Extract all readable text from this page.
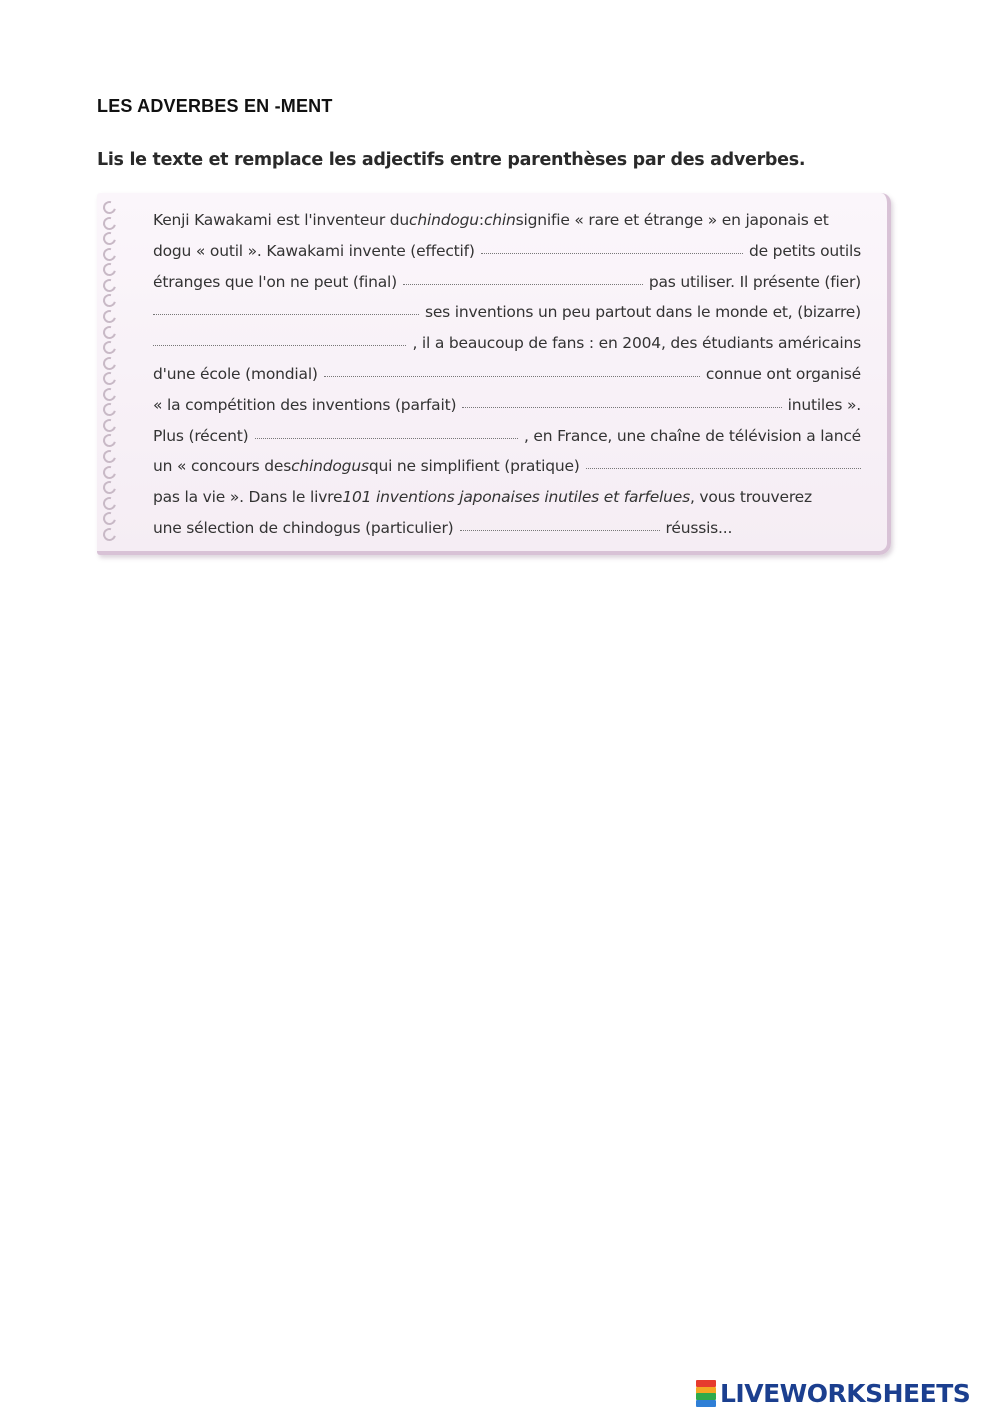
LES ADVERBES EN -MENT
Lis le texte et remplace les adjectifs entre parenthèses par des adverbes.
Kenji Kawakami est l'inventeur du chindogu : chin signifie « rare et étrange » en japonais et
dogu « outil ». Kawakami invente (effectif)	de petits outils
étranges que l'on ne peut (final)	pas utiliser. Il présente (fier)
ses inventions un peu partout dans le monde et, (bizarre)
, il a beaucoup de fans : en 2004, des étudiants américains
d'une école (mondial)	connue ont organisé
« la compétition des inventions (parfait)	inutiles ».
Plus (récent)	, en France, une chaîne de télévision a lancé
un « concours des chindogus qui ne simplifient (pratique)
pas la vie ». Dans le livre 101 inventions japonaises inutiles et farfelues , vous trouverez
une sélection de chindogus (particulier)	réussis...
LIVEWORKSHEETS
